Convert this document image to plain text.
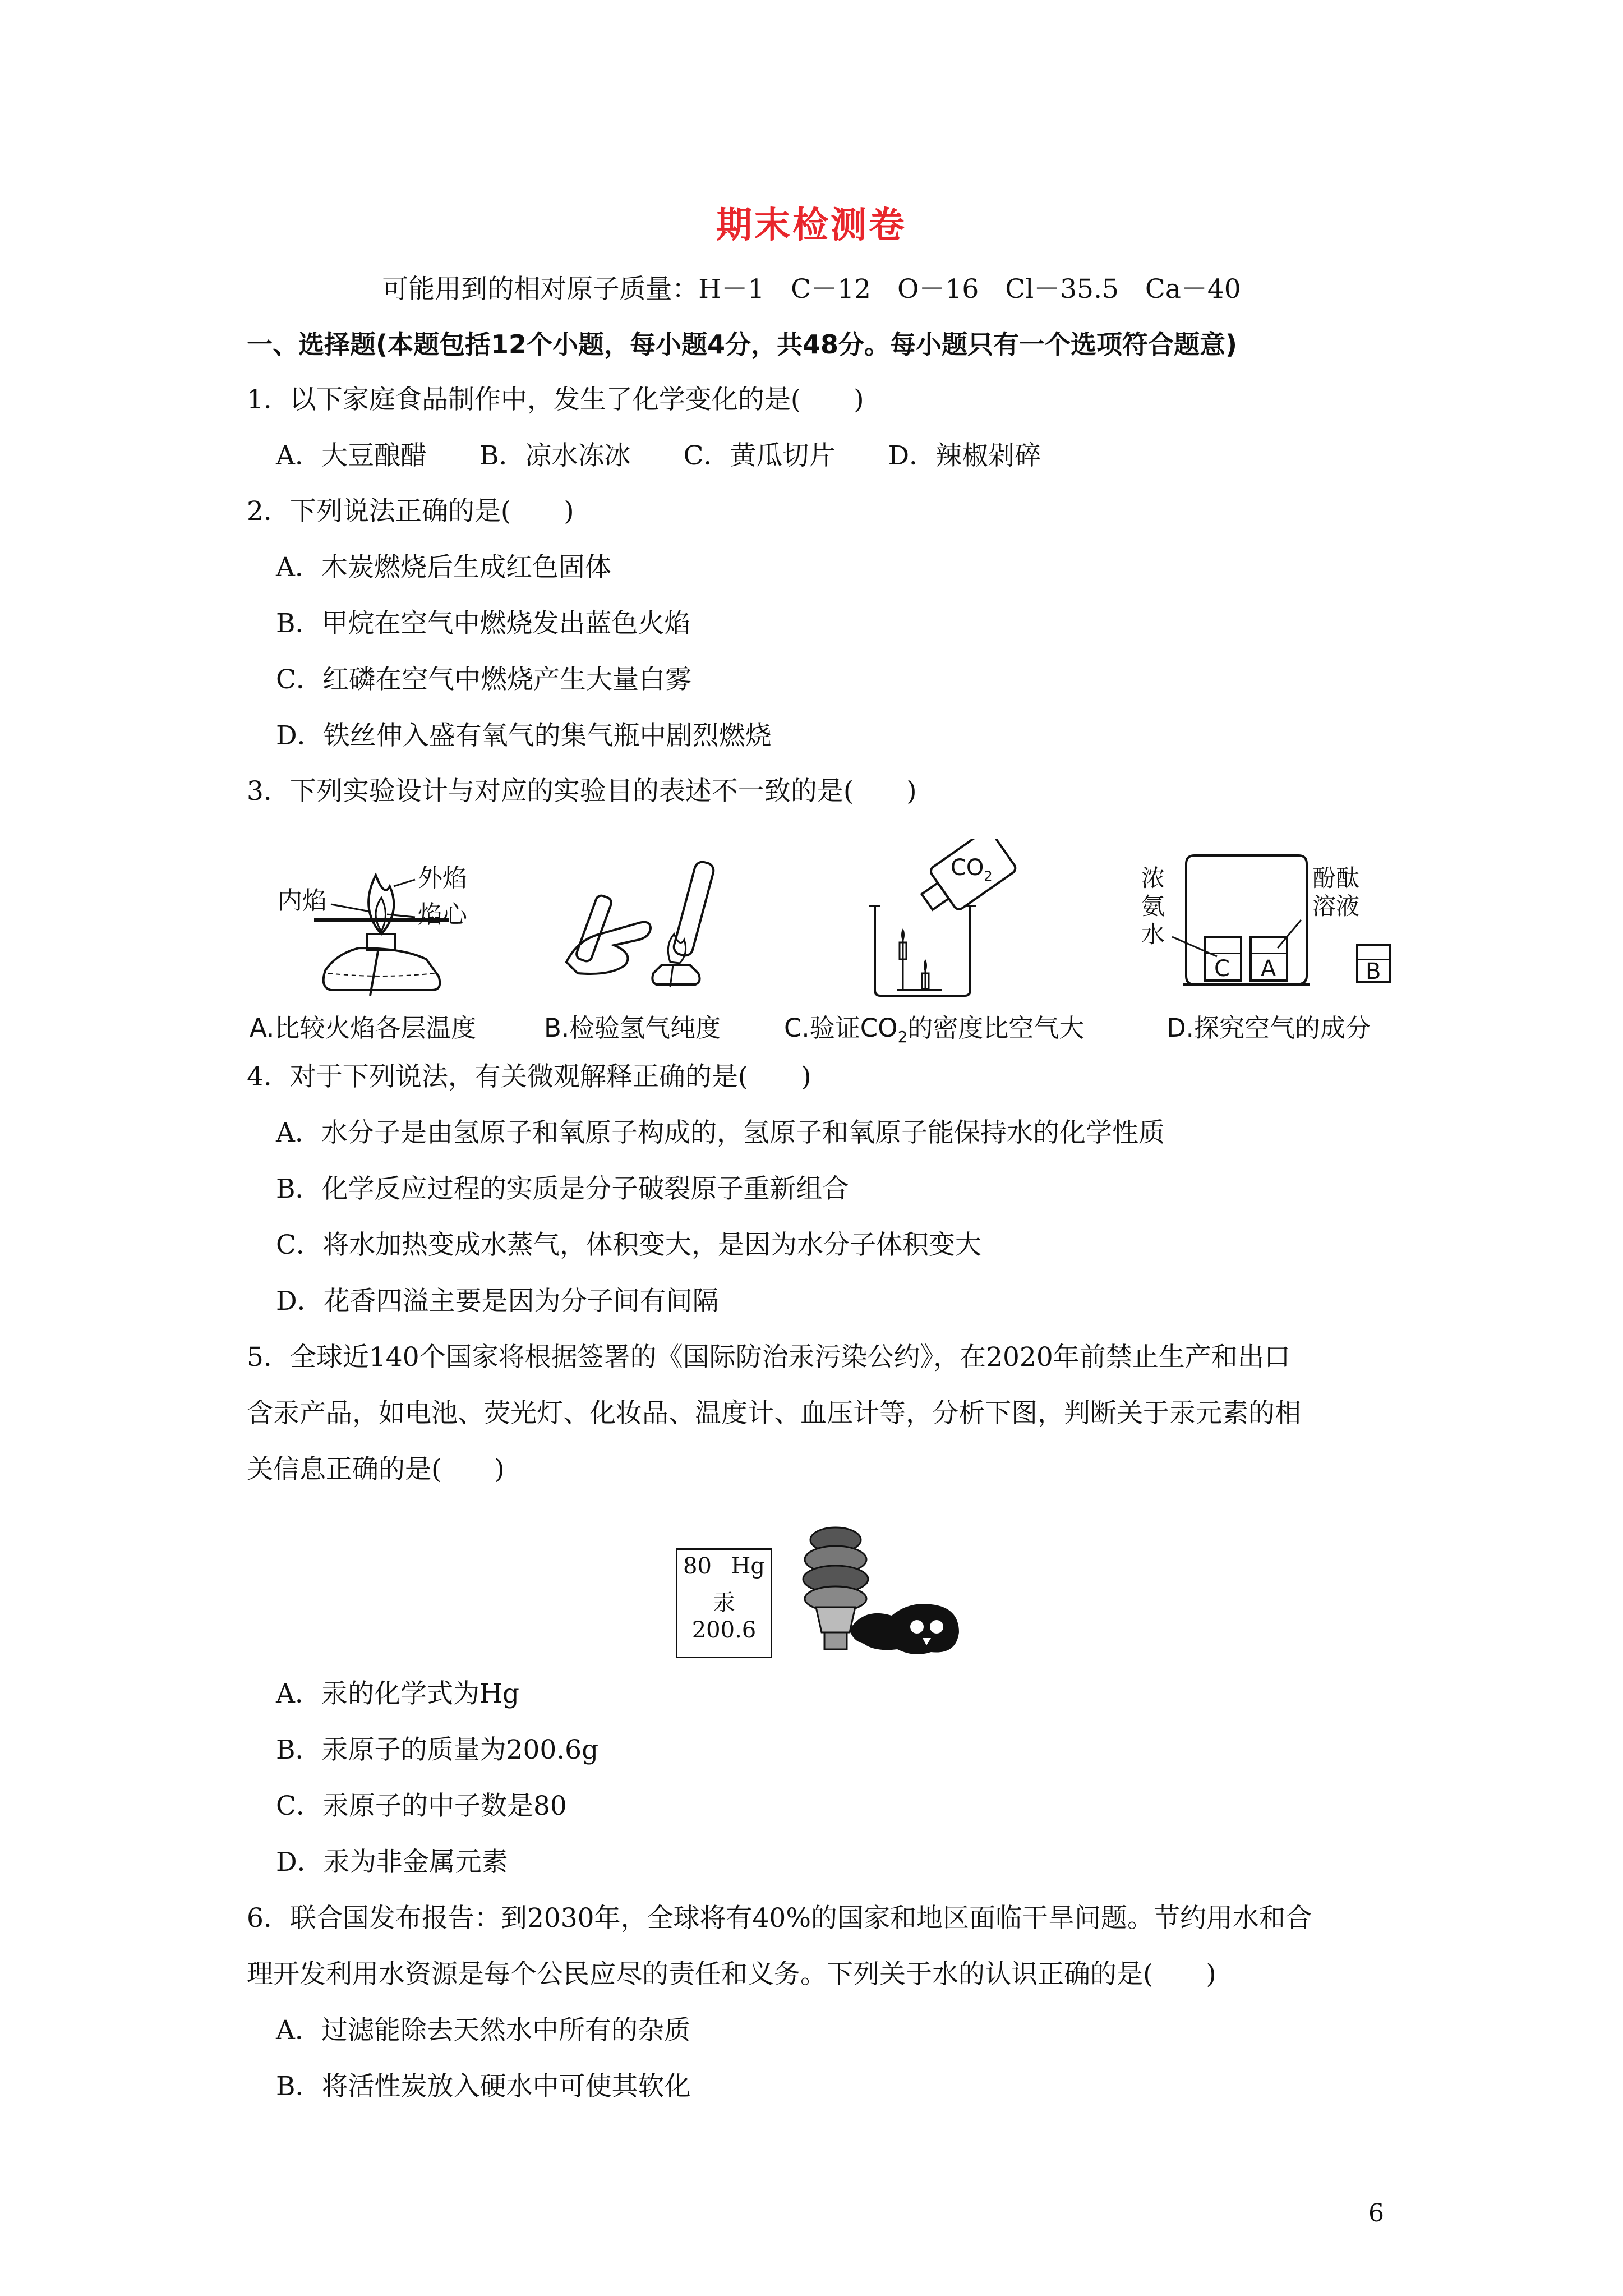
期末检测卷
可能用到的相对原子质量：H－1　C－12　O－16　Cl－35.5　Ca－40
一、选择题(本题包括12个小题，每小题4分，共48分。每小题只有一个选项符合题意)
1．以下家庭食品制作中，发生了化学变化的是(　　)
A．大豆酿醋　　B．凉水冻冰　　C．黄瓜切片　　D．辣椒剁碎
2．下列说法正确的是(　　)
A．木炭燃烧后生成红色固体
B．甲烷在空气中燃烧发出蓝色火焰
C．红磷在空气中燃烧产生大量白雾
D．铁丝伸入盛有氧气的集气瓶中剧烈燃烧
3．下列实验设计与对应的实验目的表述不一致的是(　　)
内焰
外焰
焰心
$CO_2$	浓
氨
水
酚酞
溶液
C A	B
A.比较火焰各层温度	B.检验氢气纯度	C.验证$CO_2$的密度比空气大	D.探究空气的成分
4．对于下列说法，有关微观解释正确的是(　　)
A．水分子是由氢原子和氧原子构成的，氢原子和氧原子能保持水的化学性质
B．化学反应过程的实质是分子破裂原子重新组合
C．将水加热变成水蒸气，体积变大，是因为水分子体积变大
D．花香四溢主要是因为分子间有间隔
5．全球近140个国家将根据签署的《国际防治汞污染公约》，在2020年前禁止生产和出口
含汞产品，如电池、荧光灯、化妆品、温度计、血压计等，分析下图，判断关于汞元素的相
关信息正确的是(　　)
80 Hg
汞
200.6
A．汞的化学式为Hg
B．汞原子的质量为200.6g
C．汞原子的中子数是80
D．汞为非金属元素
6．联合国发布报告：到2030年，全球将有40%的国家和地区面临干旱问题。节约用水和合
理开发利用水资源是每个公民应尽的责任和义务。下列关于水的认识正确的是(　　)
A．过滤能除去天然水中所有的杂质
B．将活性炭放入硬水中可使其软化
6
